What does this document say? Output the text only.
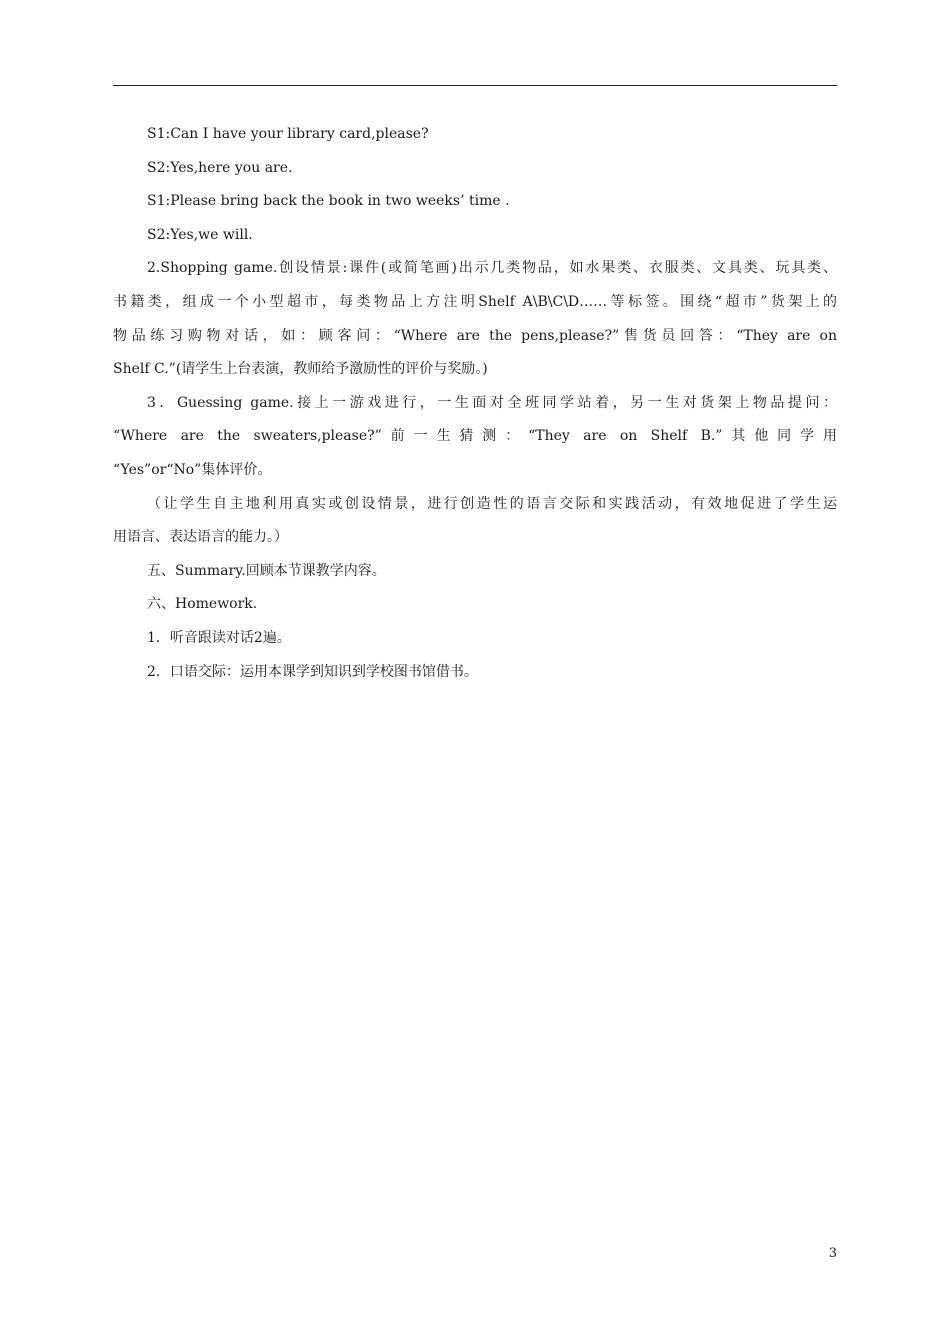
S1:Can I have your library card,please?
S2:Yes,here you are.
S1:Please bring back the book in two weeks’ time .
S2:Yes,we will.
2.Shopping game.创设情景:课件(或简笔画)出示几类物品，如水果类、衣服类、文具类、玩具类、
书籍类，组成一个小型超市，每类物品上方注明Shelf A\B\C\D……等标签。围绕“超市”货架上的
物品练习购物对话，如：顾客问：“Where are the pens,please?”售货员回答：“They are on
Shelf C.”(请学生上台表演，教师给予激励性的评价与奖励。)
3．Guessing game.接上一游戏进行，一生面对全班同学站着，另一生对货架上物品提问：
“Where are the sweaters,please?”前一生猜测：“They are on Shelf B.”其他同学用
“Yes”or“No”集体评价。
（让学生自主地利用真实或创设情景，进行创造性的语言交际和实践活动，有效地促进了学生运
用语言、表达语言的能力。）
五、Summary.回顾本节课教学内容。
六、Homework.
1．听音跟读对话2遍。
2．口语交际：运用本课学到知识到学校图书馆借书。
3
